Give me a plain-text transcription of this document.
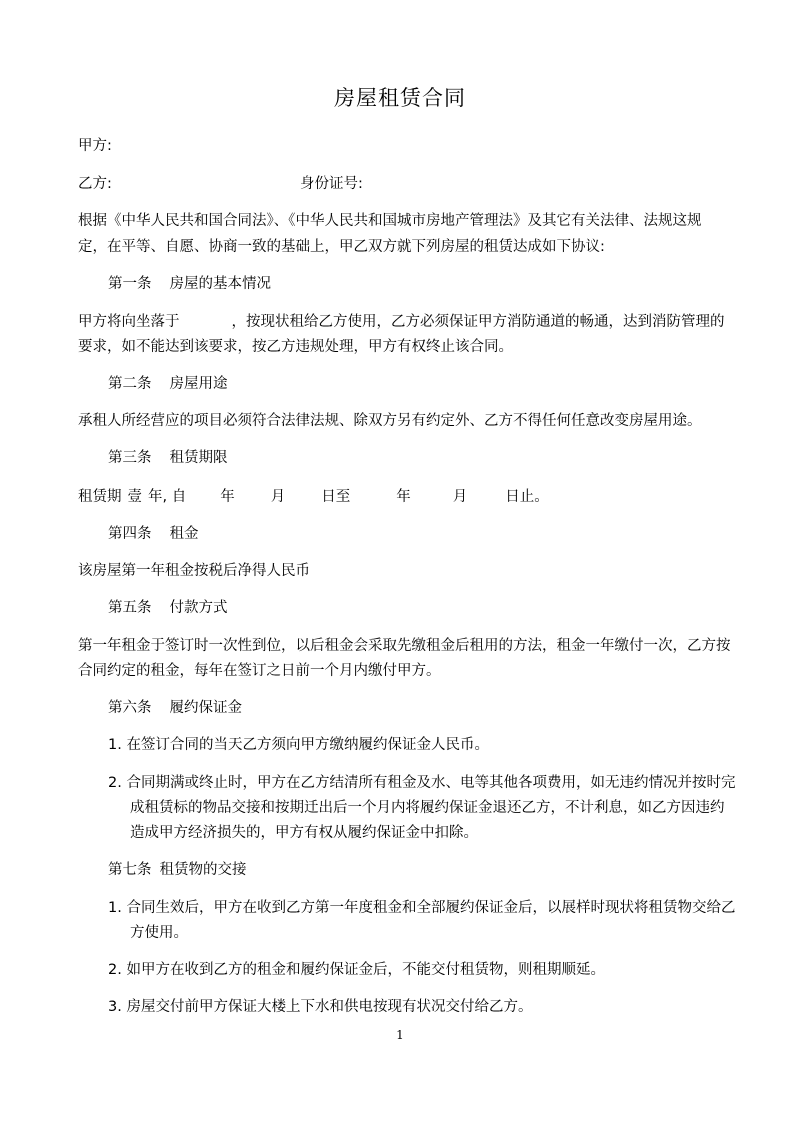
房屋租赁合同
甲方:
乙方:	身份证号:
根据《中华人民共和国合同法》、《中华人民共和国城市房地产管理法》及其它有关法律、法规这规
定，在平等、自愿、协商一致的基础上，甲乙双方就下列房屋的租赁达成如下协议:
第一条 房屋的基本情况
甲方将向坐落于	，按现状租给乙方使用，乙方必须保证甲方消防通道的畅通，达到消防管理的
要求，如不能达到该要求，按乙方违规处理，甲方有权终止该合同。
第二条 房屋用途
承租人所经营应的项目必须符合法律法规、除双方另有约定外、乙方不得任何任意改变房屋用途。
第三条 租赁期限
租赁期 壹 年, 自 年 月 日至	年	月	日止。
第四条 租金
该房屋第一年租金按税后净得人民币
第五条 付款方式
第一年租金于签订时一次性到位，以后租金会采取先缴租金后租用的方法，租金一年缴付一次，乙方按
合同约定的租金，每年在签订之日前一个月内缴付甲方。
第六条 履约保证金
1. 在签订合同的当天乙方须向甲方缴纳履约保证金人民币。
2. 合同期满或终止时，甲方在乙方结清所有租金及水、电等其他各项费用，如无违约情况并按时完
成租赁标的物品交接和按期迁出后一个月内将履约保证金退还乙方，不计利息，如乙方因违约
造成甲方经济损失的，甲方有权从履约保证金中扣除。
第七条 租赁物的交接
1. 合同生效后，甲方在收到乙方第一年度租金和全部履约保证金后，以展样时现状将租赁物交给乙
方使用。
2. 如甲方在收到乙方的租金和履约保证金后，不能交付租赁物，则租期顺延。
3. 房屋交付前甲方保证大楼上下水和供电按现有状况交付给乙方。
1
